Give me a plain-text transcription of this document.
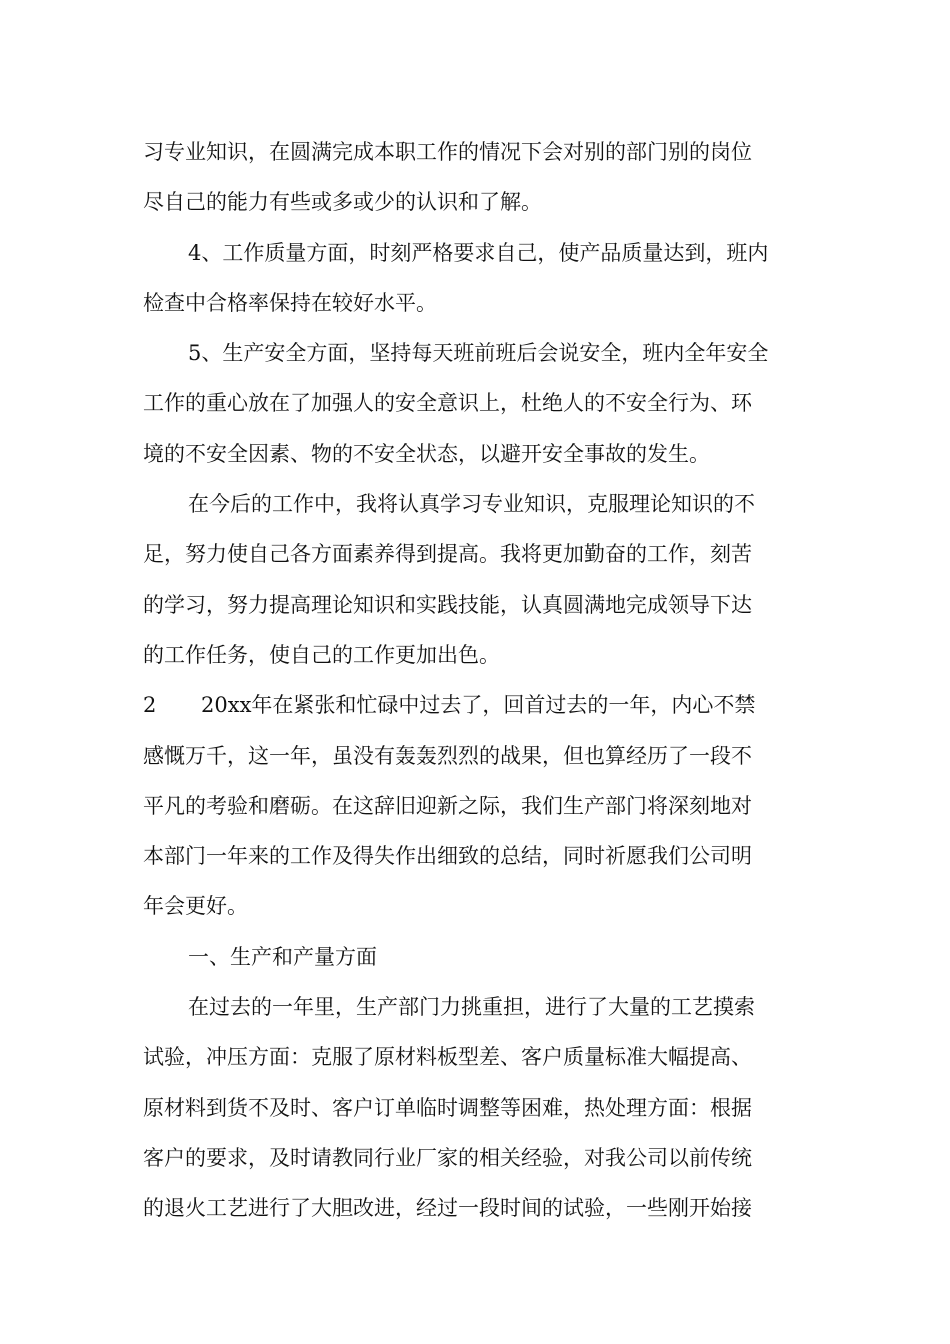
习专业知识，在圆满完成本职工作的情况下会对别的部门别的岗位
尽自己的能力有些或多或少的认识和了解。
4、工作质量方面，时刻严格要求自己，使产品质量达到，班内
检查中合格率保持在较好水平。
5、生产安全方面，坚持每天班前班后会说安全，班内全年安全
工作的重心放在了加强人的安全意识上，杜绝人的不安全行为、环
境的不安全因素、物的不安全状态，以避开安全事故的发生。
在今后的工作中，我将认真学习专业知识，克服理论知识的不
足，努力使自己各方面素养得到提高。我将更加勤奋的工作，刻苦
的学习，努力提高理论知识和实践技能，认真圆满地完成领导下达
的工作任务，使自己的工作更加出色。
2	20xx年在紧张和忙碌中过去了，回首过去的一年，内心不禁
感慨万千，这一年，虽没有轰轰烈烈的战果，但也算经历了一段不
平凡的考验和磨砺。在这辞旧迎新之际，我们生产部门将深刻地对
本部门一年来的工作及得失作出细致的总结，同时祈愿我们公司明
年会更好。
一、生产和产量方面
在过去的一年里，生产部门力挑重担，进行了大量的工艺摸索
试验，冲压方面：克服了原材料板型差、客户质量标准大幅提高、
原材料到货不及时、客户订单临时调整等困难，热处理方面：根据
客户的要求，及时请教同行业厂家的相关经验，对我公司以前传统
的退火工艺进行了大胆改进，经过一段时间的试验，一些刚开始接
